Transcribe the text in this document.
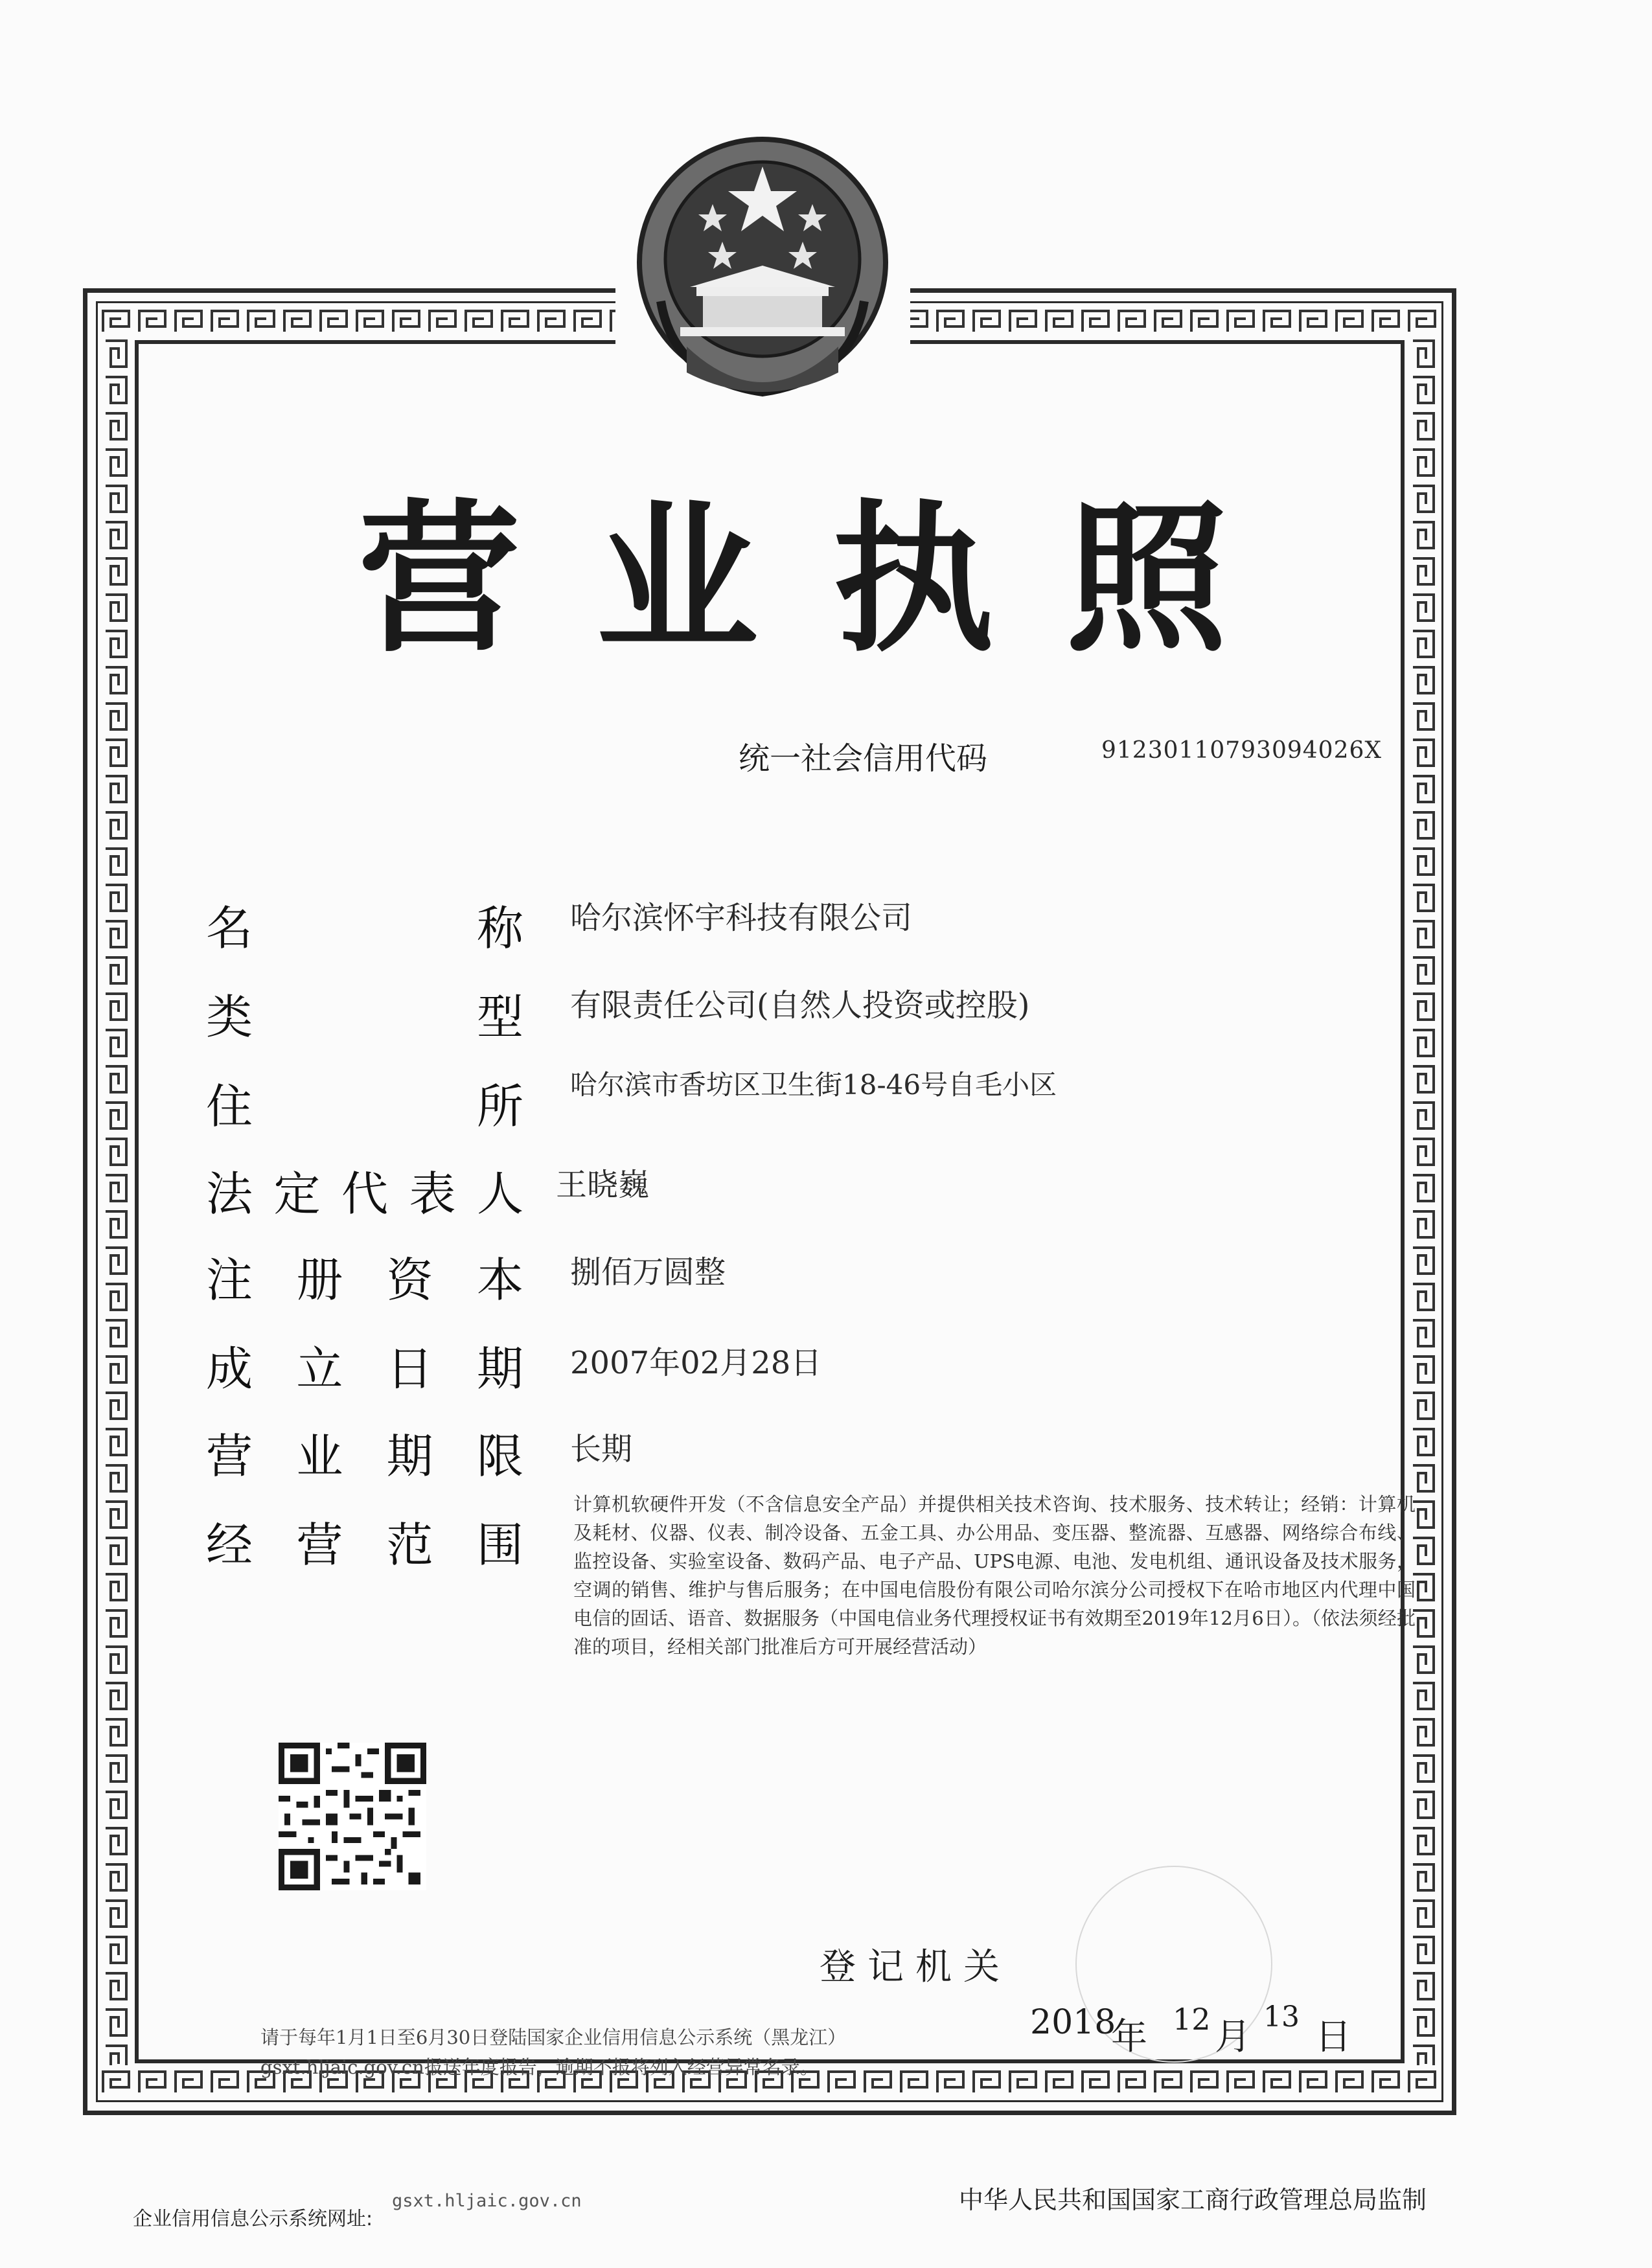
营 业 执 照
统一社会信用代码	91230110793094026X
名	称 哈尔滨怀宇科技有限公司
类	型 有限责任公司(自然人投资或控股)
住	所 哈尔滨市香坊区卫生街18-46号自毛小区
法 定 代 表 人 王晓巍
注 册 资 本 捌佰万圆整
成 立 日 期 2007年02月28日
营 业 期 限 长期
经 营 范 围
计算机软硬件开发（不含信息安全产品）并提供相关技术咨询、技术服务、技术转让；经销：计算机及耗材、仪器、仪表、制冷设备、五金工具、办公用品、变压器、整流器、互感器、网络综合布线、监控设备、实验室设备、数码产品、电子产品、UPS电源、电池、发电机组、通讯设备及技术服务，空调的销售、维护与售后服务；在中国电信股份有限公司哈尔滨分公司授权下在哈市地区内代理中国电信的固话、语音、数据服务（中国电信业务代理授权证书有效期至2019年12月6日）。（依法须经批准的项目，经相关部门批准后方可开展经营活动）
登记机关
2018
年 12 月 13 日
请于每年1月1日至6月30日登陆国家企业信用信息公示系统（黑龙江）
gsxt.hljaic.gov.cn报送年度报告，逾期不报将列入经营异常名录。
企业信用信息公示系统网址:
gsxt.hljaic.gov.cn	中华人民共和国国家工商行政管理总局监制
